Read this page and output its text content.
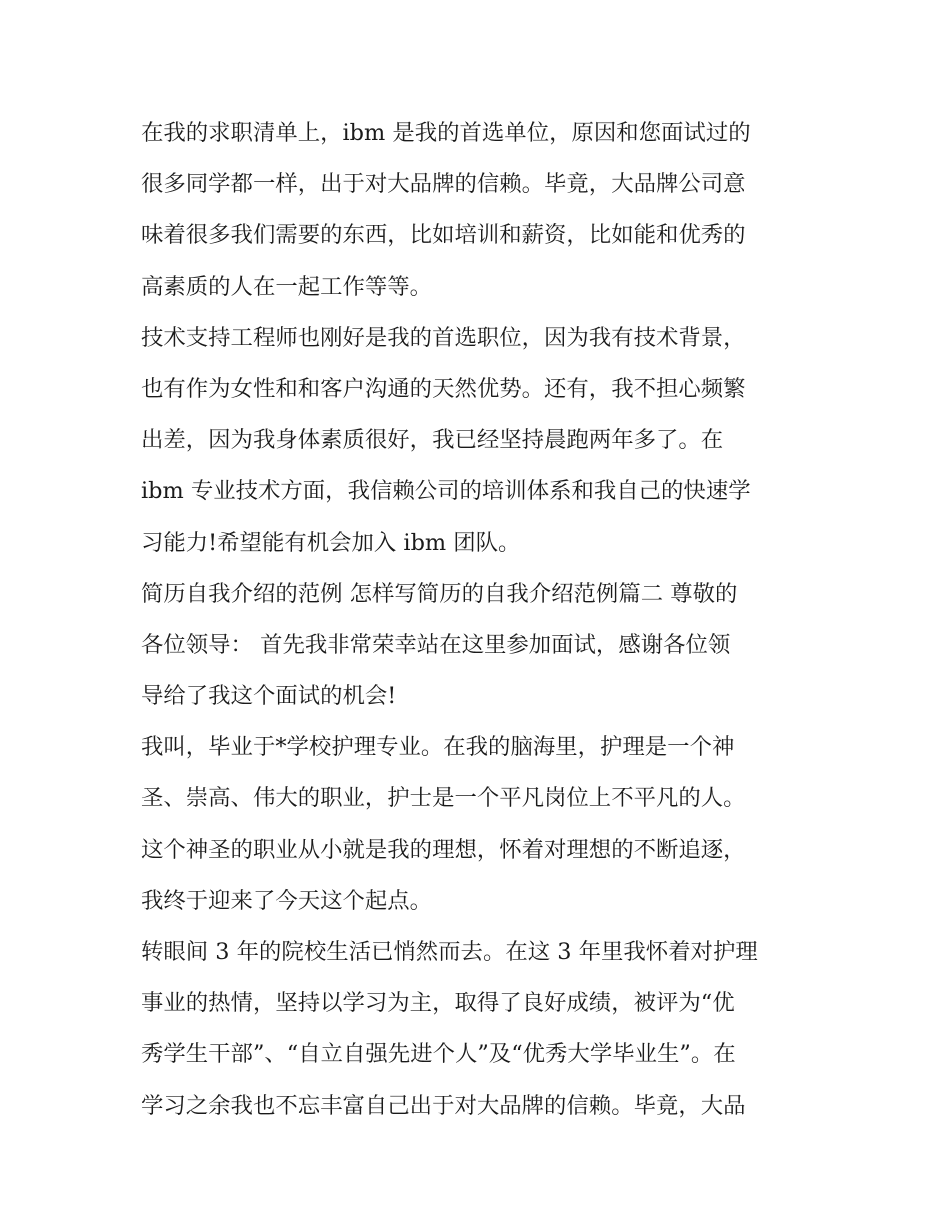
在我的求职清单上，ibm 是我的首选单位，原因和您面试过的
很多同学都一样，出于对大品牌的信赖。毕竟，大品牌公司意
味着很多我们需要的东西，比如培训和薪资，比如能和优秀的
高素质的人在一起工作等等。
技术支持工程师也刚好是我的首选职位，因为我有技术背景，
也有作为女性和和客户沟通的天然优势。还有，我不担心频繁
出差，因为我身体素质很好，我已经坚持晨跑两年多了。在
ibm 专业技术方面，我信赖公司的培训体系和我自己的快速学
习能力!希望能有机会加入 ibm 团队。
简历自我介绍的范例 怎样写简历的自我介绍范例篇二 尊敬的
各位领导： 首先我非常荣幸站在这里参加面试，感谢各位领
导给了我这个面试的机会!
我叫，毕业于*学校护理专业。在我的脑海里，护理是一个神
圣、崇高、伟大的职业，护士是一个平凡岗位上不平凡的人。
这个神圣的职业从小就是我的理想，怀着对理想的不断追逐，
我终于迎来了今天这个起点。
转眼间 3 年的院校生活已悄然而去。在这 3 年里我怀着对护理
事业的热情，坚持以学习为主，取得了良好成绩，被评为“优
秀学生干部”、“自立自强先进个人”及“优秀大学毕业生”。在
学习之余我也不忘丰富自己出于对大品牌的信赖。毕竟，大品
